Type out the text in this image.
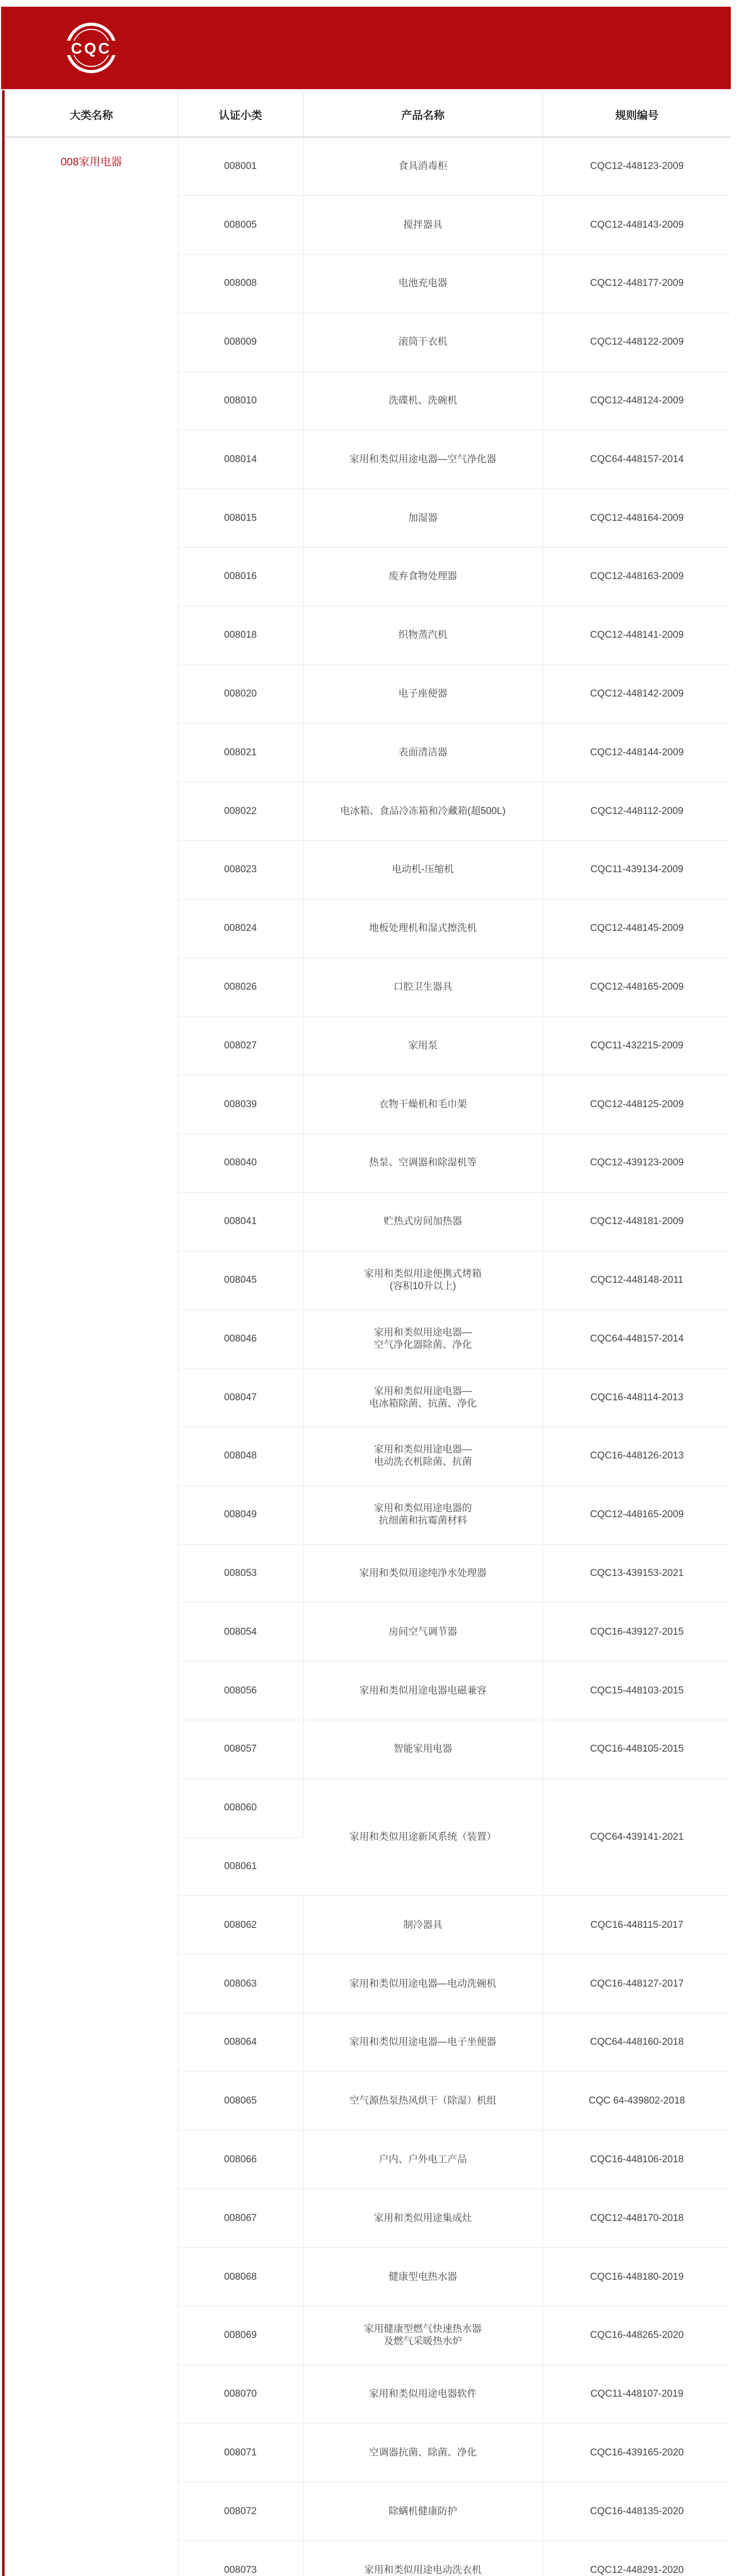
CQC
大类名称	认证小类	产品名称	规则编号
008家用电器	008001	食具消毒柜	CQC12-448123-2009
	008005	搅拌器具	CQC12-448143-2009
	008008	电池充电器	CQC12-448177-2009
	008009	滚筒干衣机	CQC12-448122-2009
	008010	洗碟机、洗碗机	CQC12-448124-2009
	008014	家用和类似用途电器—空气净化器	CQC64-448157-2014
	008015	加湿器	CQC12-448164-2009
	008016	废弃食物处理器	CQC12-448163-2009
	008018	织物蒸汽机	CQC12-448141-2009
	008020	电子座便器	CQC12-448142-2009
	008021	表面清洁器	CQC12-448144-2009
	008022	电冰箱、食品冷冻箱和冷藏箱(超500L)	CQC12-448112-2009
	008023	电动机-压缩机	CQC11-439134-2009
	008024	地板处理机和湿式擦洗机	CQC12-448145-2009
	008026	口腔卫生器具	CQC12-448165-2009
	008027	家用泵	CQC11-432215-2009
	008039	衣物干燥机和毛巾架	CQC12-448125-2009
	008040	热泵、空调器和除湿机等	CQC12-439123-2009
	008041	贮热式房间加热器	CQC12-448181-2009
	008045	家用和类似用途便携式烤箱
(容积10升以上)	CQC12-448148-2011
	008046	家用和类似用途电器—
空气净化器除菌、净化	CQC64-448157-2014
	008047	家用和类似用途电器—
电冰箱除菌、抗菌、净化	CQC16-448114-2013
	008048	家用和类似用途电器—
电动洗衣机除菌、抗菌	CQC16-448126-2013
	008049	家用和类似用途电器的
抗细菌和抗霉菌材料	CQC12-448165-2009
	008053	家用和类似用途纯净水处理器	CQC13-439153-2021
	008054	房间空气调节器	CQC16-439127-2015
	008056	家用和类似用途电器电磁兼容	CQC15-448103-2015
	008057	智能家用电器	CQC16-448105-2015
	008060	家用和类似用途新风系统（装置）	CQC64-439141-2021
	008061		
	008062	制冷器具	CQC16-448115-2017
	008063	家用和类似用途电器—电动洗碗机	CQC16-448127-2017
	008064	家用和类似用途电器—电子坐便器	CQC64-448160-2018
	008065	空气源热泵热风烘干（除湿）机组	CQC 64-439802-2018
	008066	户内、户外电工产品	CQC16-448106-2018
	008067	家用和类似用途集成灶	CQC12-448170-2018
	008068	健康型电热水器	CQC16-448180-2019
	008069	家用健康型燃气快速热水器
及燃气采暖热水炉	CQC16-448265-2020
	008070	家用和类似用途电器软件	CQC11-448107-2019
	008071	空调器抗菌、除菌、净化	CQC16-439165-2020
	008072	除螨机健康防护	CQC16-448135-2020
	008073	家用和类似用途电动洗衣机	CQC12-448291-2020
